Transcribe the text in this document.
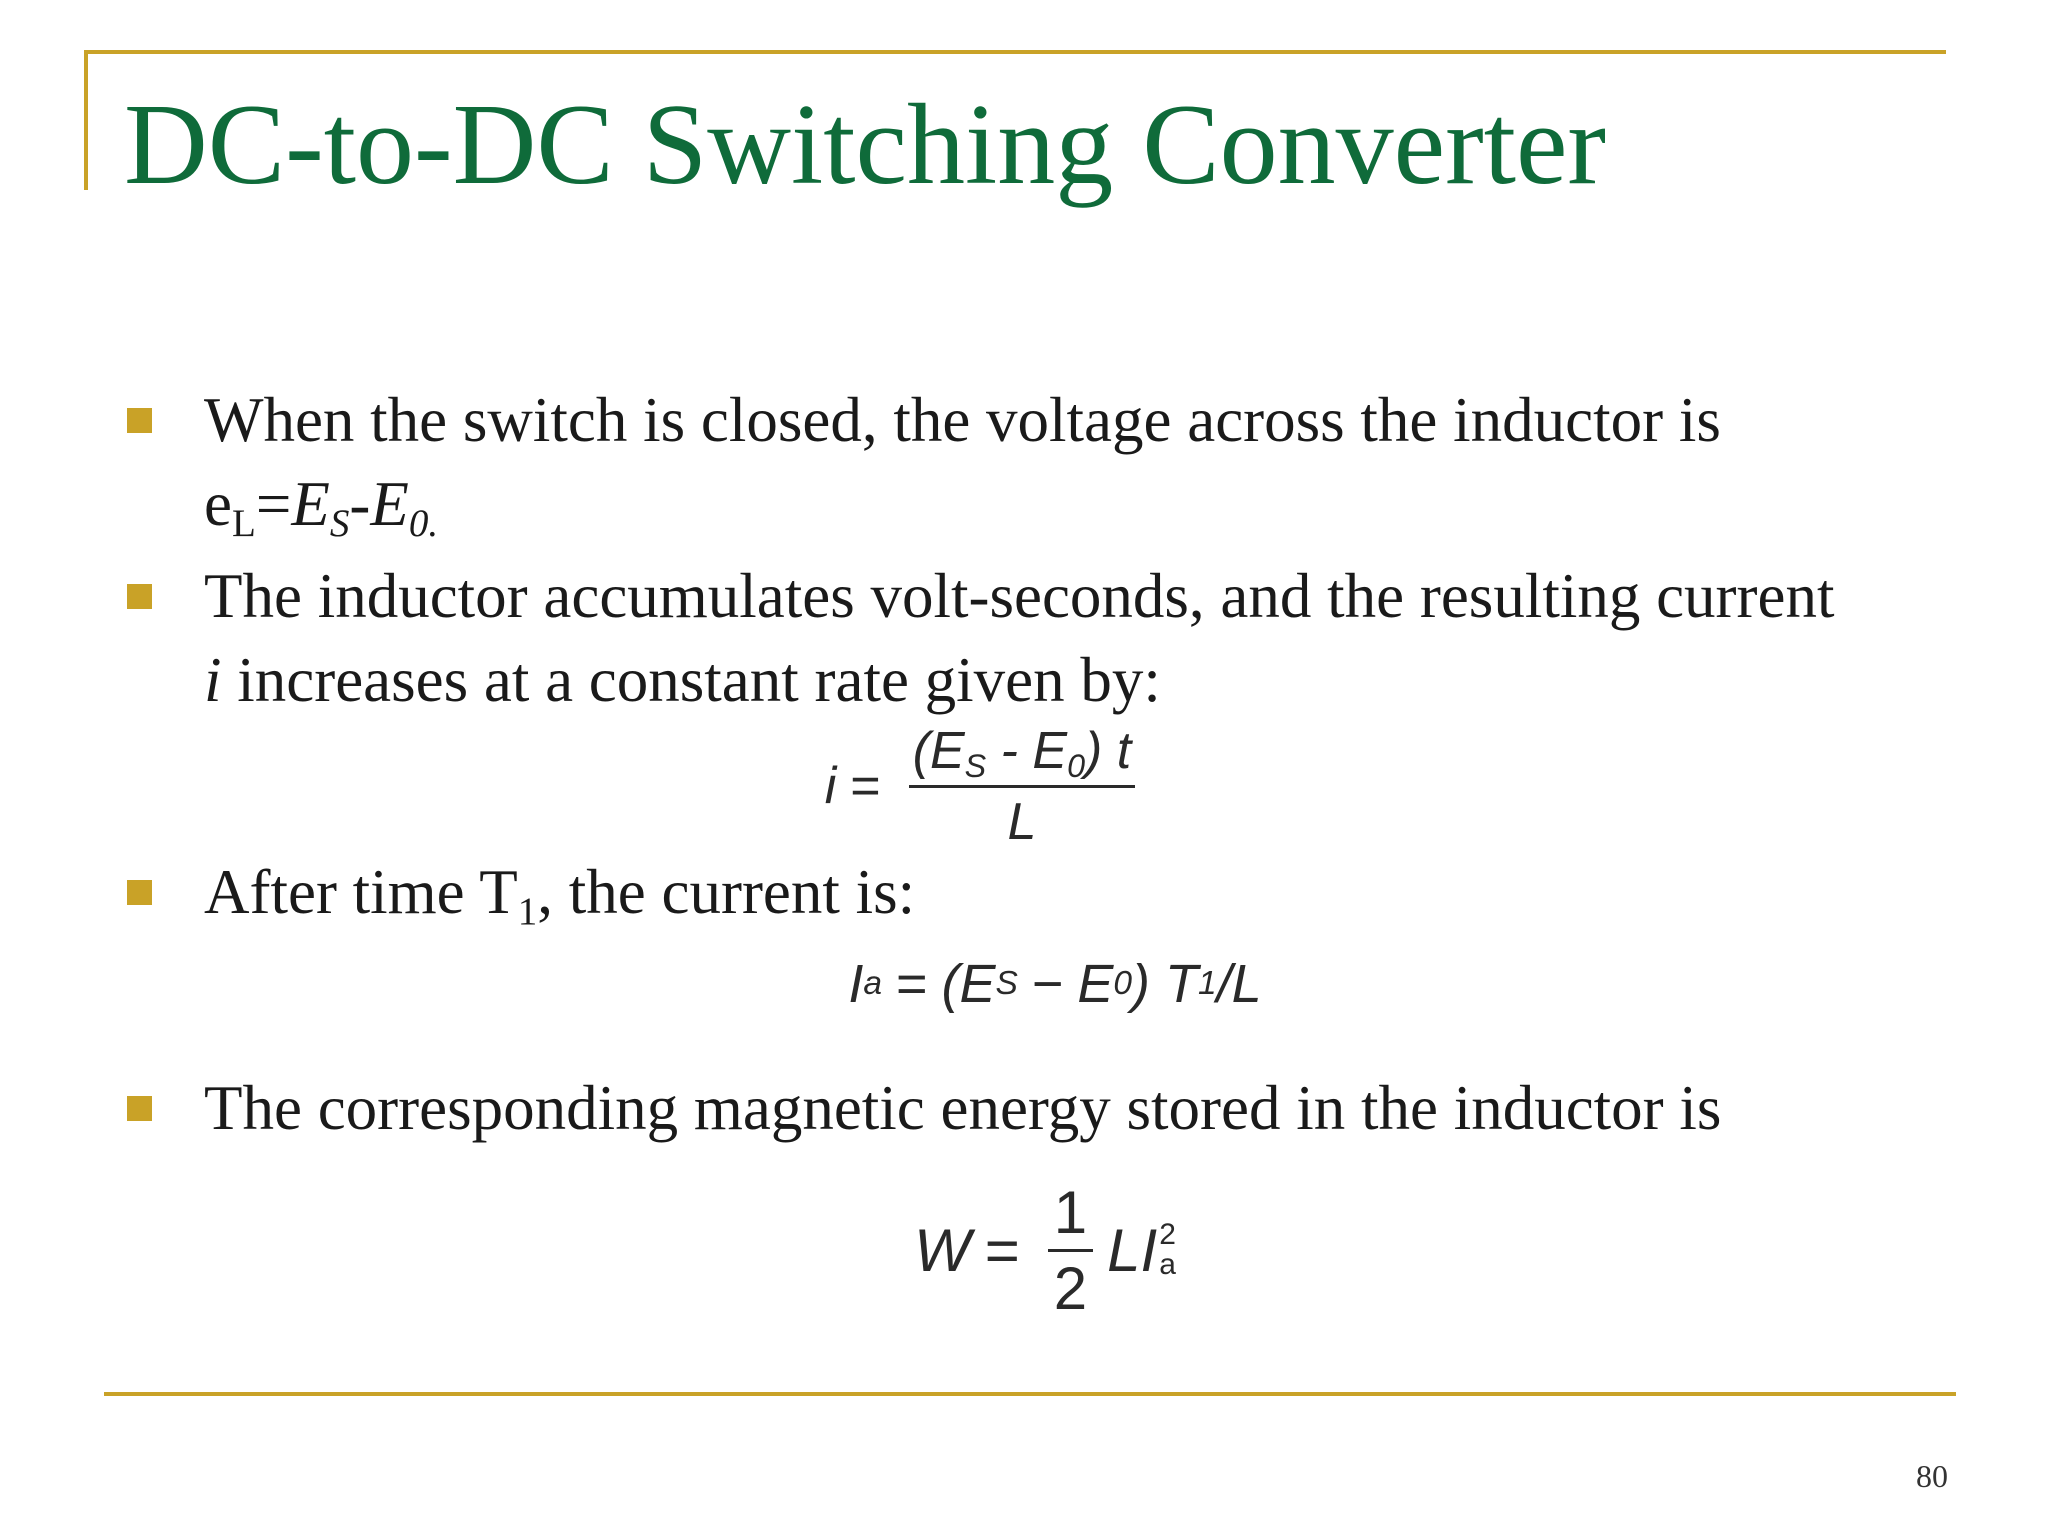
DC-to-DC Switching Converter
When the switch is closed, the voltage across the inductor is
$e_L=E_S-E_{0.}$
The inductor accumulates volt-seconds, and the resulting current
i increases at a constant rate given by:
$i = \frac{(E_S - E_0) t}{L}$
After time $T_1$, the current is:
I a = (E S − E 0 ) T 1 /L
The corresponding magnetic energy stored in the inductor is
$W = \frac{1}{2}$ LI 2
a
80
